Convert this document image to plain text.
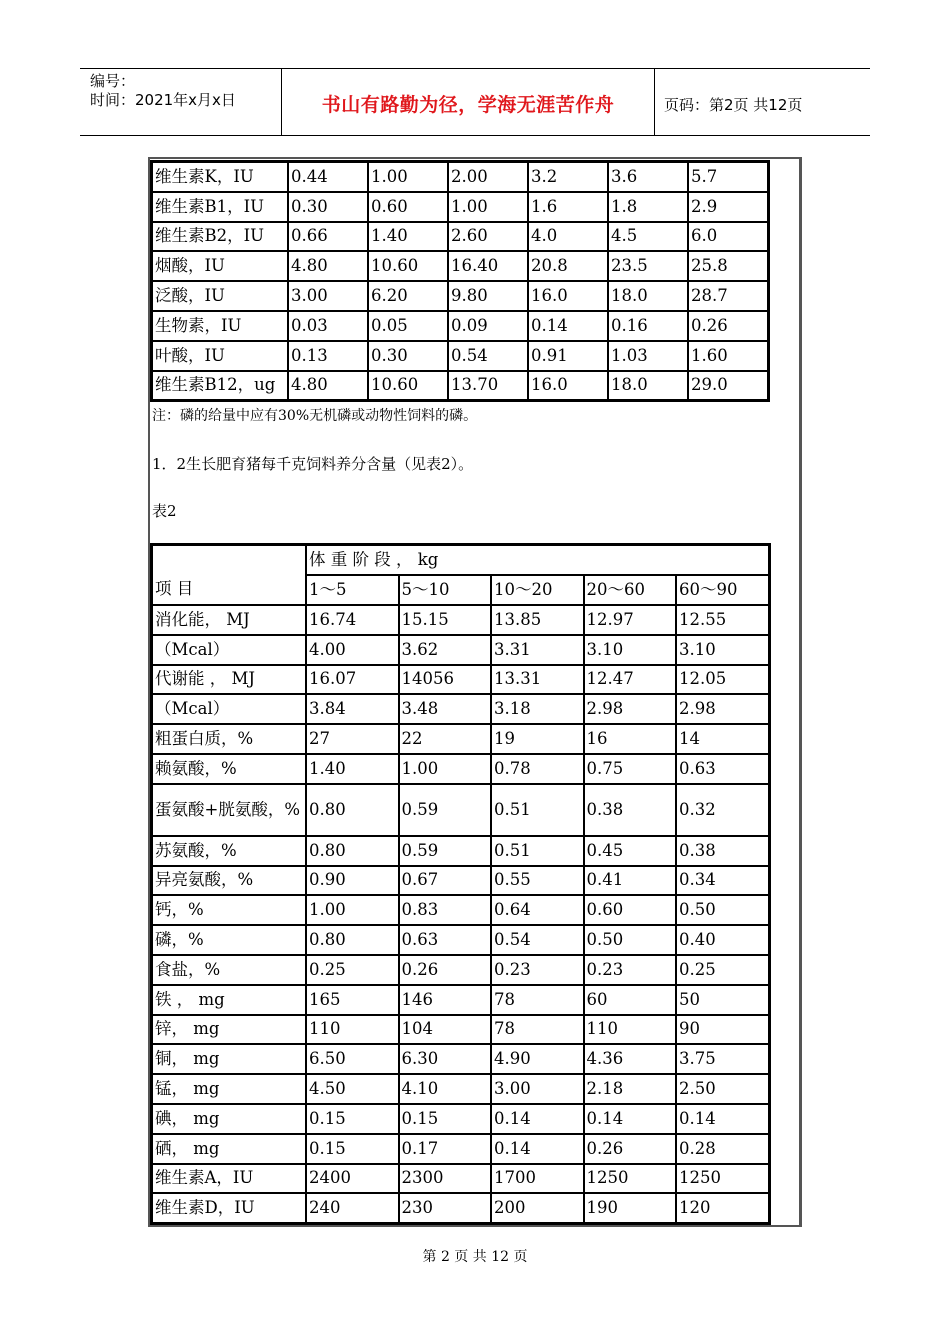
编号：
时间：2021年x月x日	书山有路勤为径，学海无涯苦作舟	页码：第2页 共12页
维生素K，IU	0.44	1.00	2.00	3.2	3.6	5.7
维生素B1，IU	0.30	0.60	1.00	1.6	1.8	2.9
维生素B2，IU	0.66	1.40	2.60	4.0	4.5	6.0
烟酸，IU	4.80	10.60	16.40	20.8	23.5	25.8
泛酸，IU	3.00	6.20	9.80	16.0	18.0	28.7
生物素，IU	0.03	0.05	0.09	0.14	0.16	0.26
叶酸，IU	0.13	0.30	0.54	0.91	1.03	1.60
维生素B12，ug	4.80	10.60	13.70	16.0	18.0	29.0
注：磷的给量中应有30%无机磷或动物性饲料的磷。
1．2生长肥育猪每千克饲料养分含量（见表2）。
表2
项 目	体 重 阶 段 ， kg				
	1～5	5～10	10～20	20～60	60～90
消化能， MJ	16.74	15.15	13.85	12.97	12.55
（Mcal）	4.00	3.62	3.31	3.10	3.10
代谢能 ， MJ	16.07	14056	13.31	12.47	12.05
（Mcal）	3.84	3.48	3.18	2.98	2.98
粗蛋白质，%	27	22	19	16	14
赖氨酸，%	1.40	1.00	0.78	0.75	0.63
蛋氨酸+胱氨酸，%	0.80	0.59	0.51	0.38	0.32
苏氨酸，%	0.80	0.59	0.51	0.45	0.38
异亮氨酸，%	0.90	0.67	0.55	0.41	0.34
钙，%	1.00	0.83	0.64	0.60	0.50
磷，%	0.80	0.63	0.54	0.50	0.40
食盐，%	0.25	0.26	0.23	0.23	0.25
铁 ， mg	165	146	78	60	50
锌， mg	110	104	78	110	90
铜， mg	6.50	6.30	4.90	4.36	3.75
锰， mg	4.50	4.10	3.00	2.18	2.50
碘， mg	0.15	0.15	0.14	0.14	0.14
硒， mg	0.15	0.17	0.14	0.26	0.28
维生素A，IU	2400	2300	1700	1250	1250
维生素D，IU	240	230	200	190	120
第 2 页 共 12 页
